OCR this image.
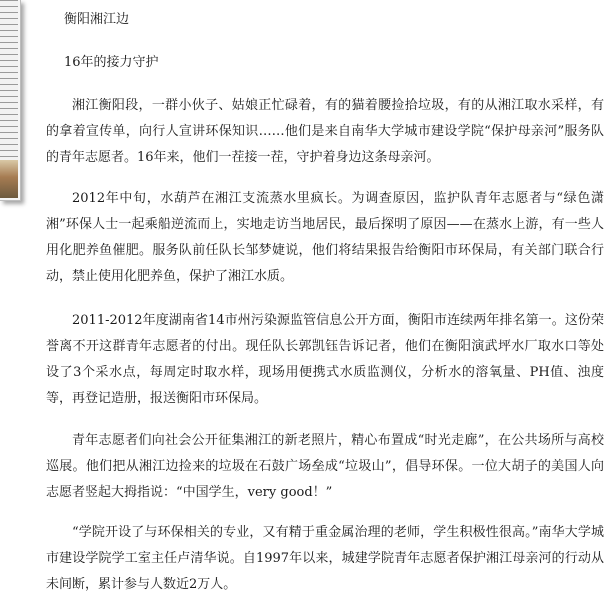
衡阳湘江边
16年的接力守护
湘江衡阳段，一群小伙子、姑娘正忙碌着，有的猫着腰捡拾垃圾，有的从湘江取水采样，有的拿着宣传单，向行人宣讲环保知识……他们是来自南华大学城市建设学院“保护母亲河”服务队的青年志愿者。16年来，他们一茬接一茬，守护着身边这条母亲河。
2012年中旬，水葫芦在湘江支流蒸水里疯长。为调查原因，监护队青年志愿者与“绿色潇湘”环保人士一起乘船逆流而上，实地走访当地居民，最后探明了原因——在蒸水上游，有一些人用化肥养鱼催肥。服务队前任队长邹梦婕说，他们将结果报告给衡阳市环保局，有关部门联合行动，禁止使用化肥养鱼，保护了湘江水质。
2011-2012年度湖南省14市州污染源监管信息公开方面，衡阳市连续两年排名第一。这份荣誉离不开这群青年志愿者的付出。现任队长郭凯钰告诉记者，他们在衡阳演武坪水厂取水口等处设了3个采水点，每周定时取水样，现场用便携式水质监测仪，分析水的溶氧量、PH值、浊度等，再登记造册，报送衡阳市环保局。
青年志愿者们向社会公开征集湘江的新老照片，精心布置成“时光走廊”，在公共场所与高校巡展。他们把从湘江边捡来的垃圾在石鼓广场垒成“垃圾山”，倡导环保。一位大胡子的美国人向志愿者竖起大拇指说：“中国学生，very good！”
“学院开设了与环保相关的专业，又有精于重金属治理的老师，学生积极性很高。”南华大学城市建设学院学工室主任卢清华说。自1997年以来，城建学院青年志愿者保护湘江母亲河的行动从未间断，累计参与人数近2万人。
